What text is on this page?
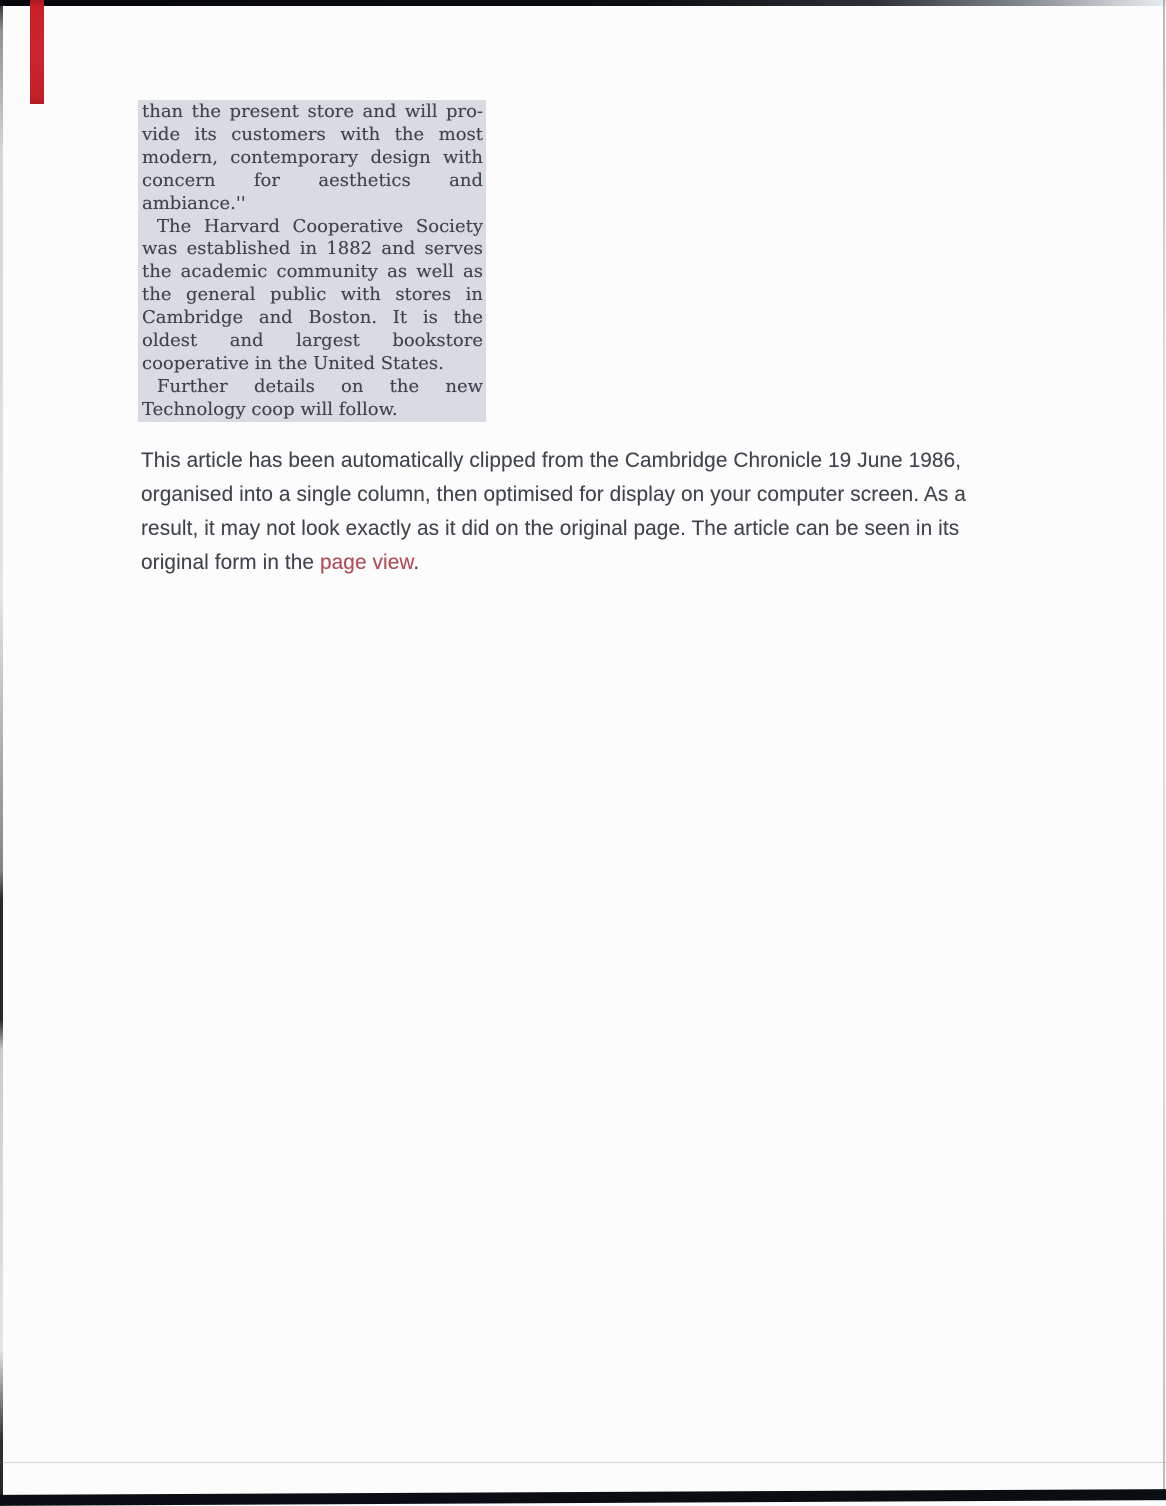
than the present store and will pro-
vide its customers with the most
modern, contemporary design with
concern for aesthetics and
ambiance.''
The Harvard Cooperative Society
was established in 1882 and serves
the academic community as well as
the general public with stores in
Cambridge and Boston. It is the
oldest and largest bookstore
cooperative in the United States.
Further details on the new
Technology coop will follow.
This article has been automatically clipped from the Cambridge Chronicle 19 June 1986,
organised into a single column, then optimised for display on your computer screen. As a
result, it may not look exactly as it did on the original page. The article can be seen in its
original form in the page view.
